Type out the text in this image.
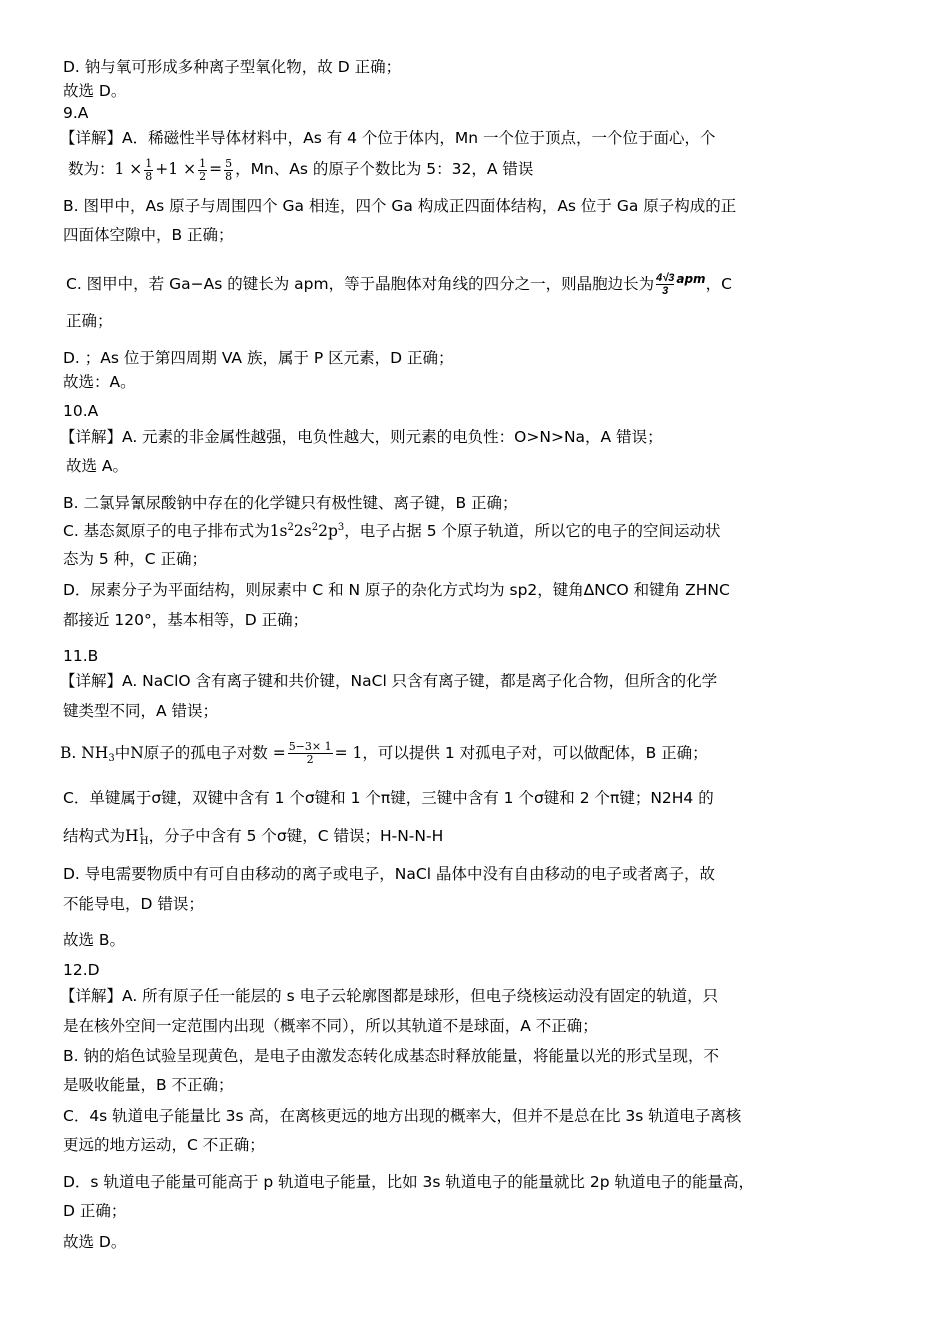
D. 钠与氧可形成多种离子型氧化物，故 D 正确；
故选 D。
9.A
【详解】A．稀磁性半导体材料中，As 有 4 个位于体内，Mn 一个位于顶点，一个位于面心，个
数为：$1 \times \frac{1}{8} +1 \times \frac{1}{2} = \frac{5}{8}$ ，Mn、As 的原子个数比为 5：32，A 错误
B. 图甲中，As 原子与周围四个 Ga 相连，四个 Ga 构成正四面体结构，As 位于 Ga 原子构成的正
四面体空隙中，B 正确；
C. 图甲中，若 Ga−As 的键长为 apm，等于晶胞体对角线的四分之一，则晶胞边长为 $\frac{4√3}{3} ^{apm}$，C
正确；
D. ；As 位于第四周期 VA 族，属于 P 区元素，D 正确；
故选：A。
10.A
【详解】A. 元素的非金属性越强，电负性越大，则元素的电负性：O>N>Na，A 错误；
故选 A。
B. 二氯异氰尿酸钠中存在的化学键只有极性键、离子键，B 正确；
C. 基态氮原子的电子排布式为$1s^22s^22p^3$，电子占据 5 个原子轨道，所以它的电子的空间运动状
态为 5 种，C 正确；
D．尿素分子为平面结构，则尿素中 C 和 N 原子的杂化方式均为 sp2，键角∆NCO 和键角 ZHNC
都接近 120°，基本相等，D 正确；
11.B
【详解】A. NaClO 含有离子键和共价键，NaCl 只含有离子键，都是离子化合物，但所含的化学
键类型不同，A 错误；
B. $NH_3$中N原子的孤电子对数 = $\frac{5-3\times 1}{2} = 1$，可以提供 1 对孤电子对，可以做配体，B 正确；
C．单键属于σ键，双键中含有 1 个σ键和 1 个π键，三键中含有 1 个σ键和 2 个π键；N2H4 的
结构式为$H^1_H$，分子中含有 5 个σ键，C 错误；H-N-N-H
D. 导电需要物质中有可自由移动的离子或电子，NaCl 晶体中没有自由移动的电子或者离子，故
不能导电，D 错误；
故选 B。
12.D
【详解】A. 所有原子任一能层的 s 电子云轮廓图都是球形，但电子绕核运动没有固定的轨道，只
是在核外空间一定范围内出现（概率不同），所以其轨道不是球面，A 不正确；
B. 钠的焰色试验呈现黄色，是电子由激发态转化成基态时释放能量，将能量以光的形式呈现，不
是吸收能量，B 不正确；
C．4s 轨道电子能量比 3s 高，在离核更远的地方出现的概率大，但并不是总在比 3s 轨道电子离核
更远的地方运动，C 不正确；
D．s 轨道电子能量可能高于 p 轨道电子能量，比如 3s 轨道电子的能量就比 2p 轨道电子的能量高，
D 正确；
故选 D。
